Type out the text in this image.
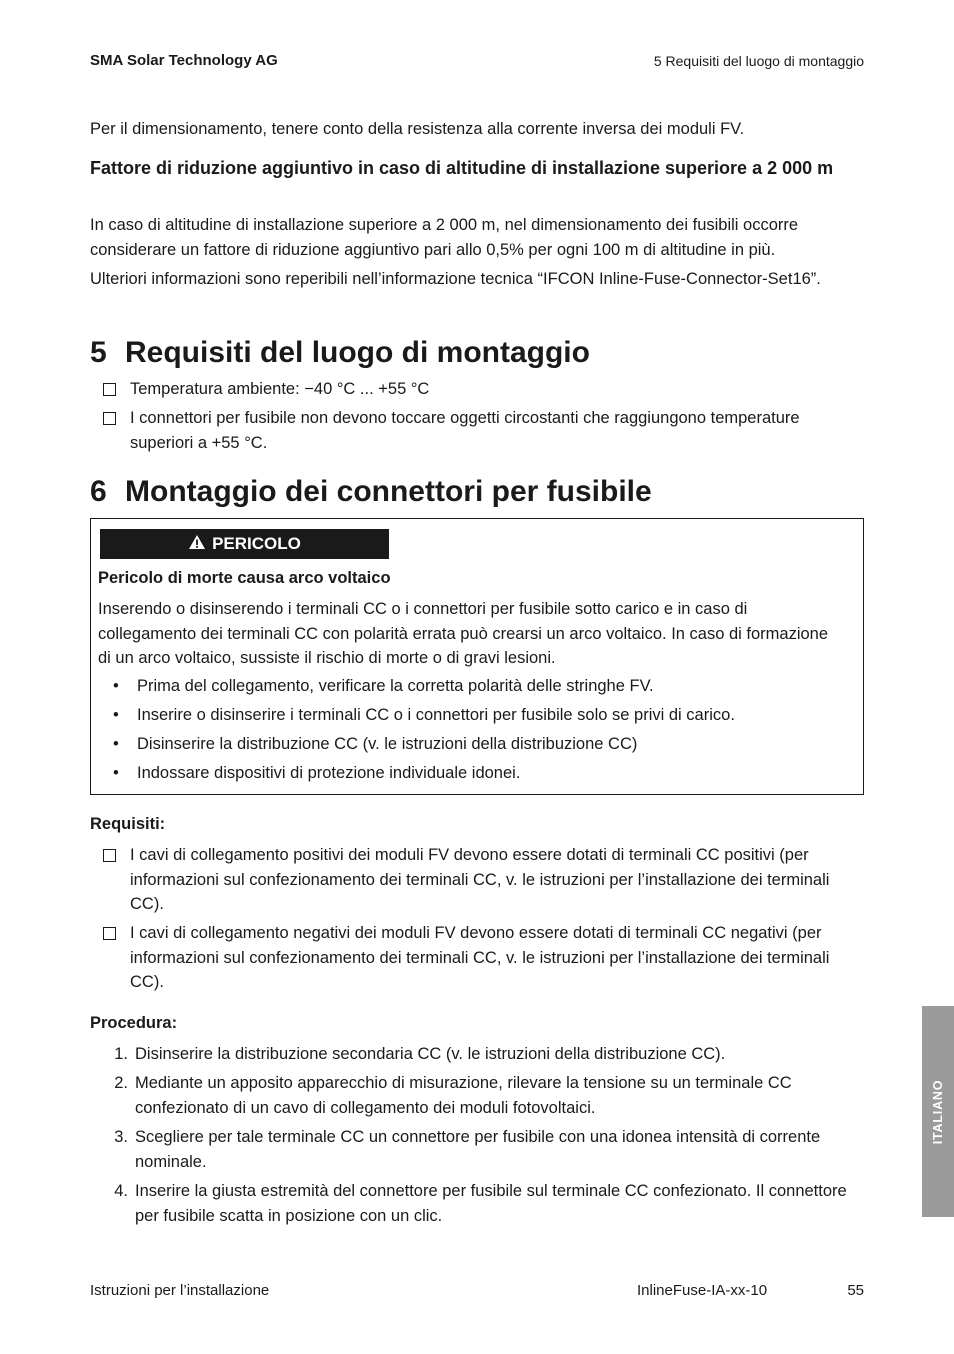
SMA Solar Technology AG	5 Requisiti del luogo di montaggio
Per il dimensionamento, tenere conto della resistenza alla corrente inversa dei moduli FV.
Fattore di riduzione aggiuntivo in caso di altitudine di installazione superiore a 2 000 m
In caso di altitudine di installazione superiore a 2 000 m, nel dimensionamento dei fusibili occorre considerare un fattore di riduzione aggiuntivo pari allo 0,5% per ogni 100 m di altitudine in più.
Ulteriori informazioni sono reperibili nell’informazione tecnica “IFCON Inline-Fuse-Connector-Set16”.
5 Requisiti del luogo di montaggio
Temperatura ambiente: −40 °C ... +55 °C
I connettori per fusibile non devono toccare oggetti circostanti che raggiungono temperature superiori a +55 °C.
6 Montaggio dei connettori per fusibile
PERICOLO
Pericolo di morte causa arco voltaico
Inserendo o disinserendo i terminali CC o i connettori per fusibile sotto carico e in caso di collegamento dei terminali CC con polarità errata può crearsi un arco voltaico. In caso di formazione di un arco voltaico, sussiste il rischio di morte o di gravi lesioni.
•	Prima del collegamento, verificare la corretta polarità delle stringhe FV.
•	Inserire o disinserire i terminali CC o i connettori per fusibile solo se privi di carico.
•	Disinserire la distribuzione CC (v. le istruzioni della distribuzione CC)
•	Indossare dispositivi di protezione individuale idonei.
Requisiti:
I cavi di collegamento positivi dei moduli FV devono essere dotati di terminali CC positivi (per informazioni sul confezionamento dei terminali CC, v. le istruzioni per l’installazione dei terminali CC).
I cavi di collegamento negativi dei moduli FV devono essere dotati di terminali CC negativi (per informazioni sul confezionamento dei terminali CC, v. le istruzioni per l’installazione dei terminali CC).
Procedura:
1. Disinserire la distribuzione secondaria CC (v. le istruzioni della distribuzione CC).
2. Mediante un apposito apparecchio di misurazione, rilevare la tensione su un terminale CC confezionato di un cavo di collegamento dei moduli fotovoltaici.
3. Scegliere per tale terminale CC un connettore per fusibile con una idonea intensità di corrente nominale.
4. Inserire la giusta estremità del connettore per fusibile sul terminale CC confezionato. Il connettore per fusibile scatta in posizione con un clic.
ITALIANO
Istruzioni per l’installazione	InlineFuse-IA-xx-10	55
